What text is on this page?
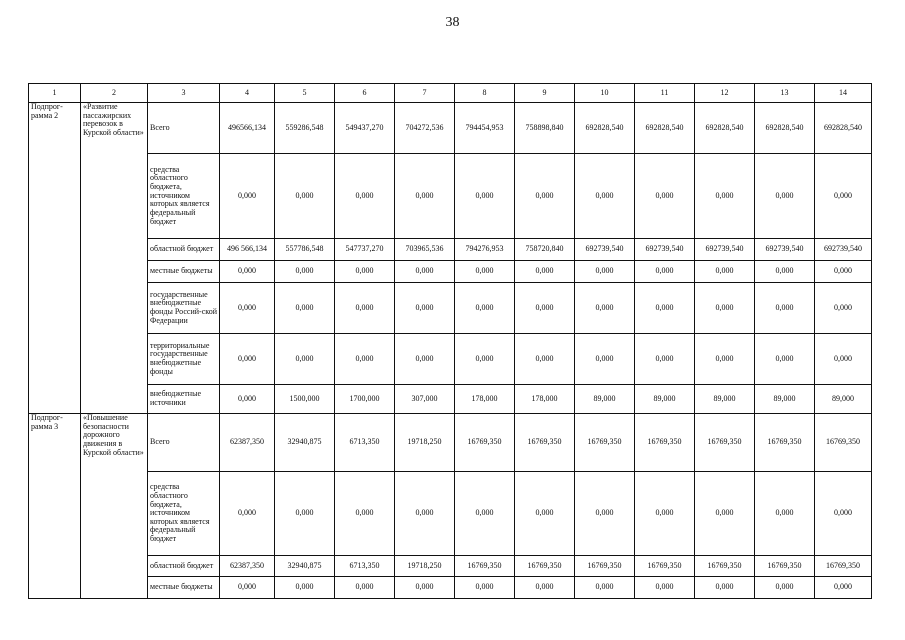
38
1	2	3	4	5	6	7	8	9	10	11	12	13	14
Подпрог-
рамма 2	«Развитие пассажирских перевозок в Курской области»	Всего	496566,134	559286,548	549437,270	704272,536	794454,953	758898,840	692828,540	692828,540	692828,540	692828,540	692828,540
		средства областного бюджета, источником которых является федеральный бюджет	0,000	0,000	0,000	0,000	0,000	0,000	0,000	0,000	0,000	0,000	0,000
		областной бюджет	496 566,134	557786,548	547737,270	703965,536	794276,953	758720,840	692739,540	692739,540	692739,540	692739,540	692739,540
		местные бюджеты	0,000	0,000	0,000	0,000	0,000	0,000	0,000	0,000	0,000	0,000	0,000
		государственные внебюджетные фонды Россий-ской Федерации	0,000	0,000	0,000	0,000	0,000	0,000	0,000	0,000	0,000	0,000	0,000
		территориальные государственные внебюджетные фонды	0,000	0,000	0,000	0,000	0,000	0,000	0,000	0,000	0,000	0,000	0,000
		внебюджетные источники	0,000	1500,000	1700,000	307,000	178,000	178,000	89,000	89,000	89,000	89,000	89,000
Подпрог-
рамма 3	«Повышение безопасности дорожного движения в Курской области»	Всего	62387,350	32940,875	6713,350	19718,250	16769,350	16769,350	16769,350	16769,350	16769,350	16769,350	16769,350
		средства областного бюджета, источником которых является федеральный бюджет	0,000	0,000	0,000	0,000	0,000	0,000	0,000	0,000	0,000	0,000	0,000
		областной бюджет	62387,350	32940,875	6713,350	19718,250	16769,350	16769,350	16769,350	16769,350	16769,350	16769,350	16769,350
		местные бюджеты	0,000	0,000	0,000	0,000	0,000	0,000	0,000	0,000	0,000	0,000	0,000
